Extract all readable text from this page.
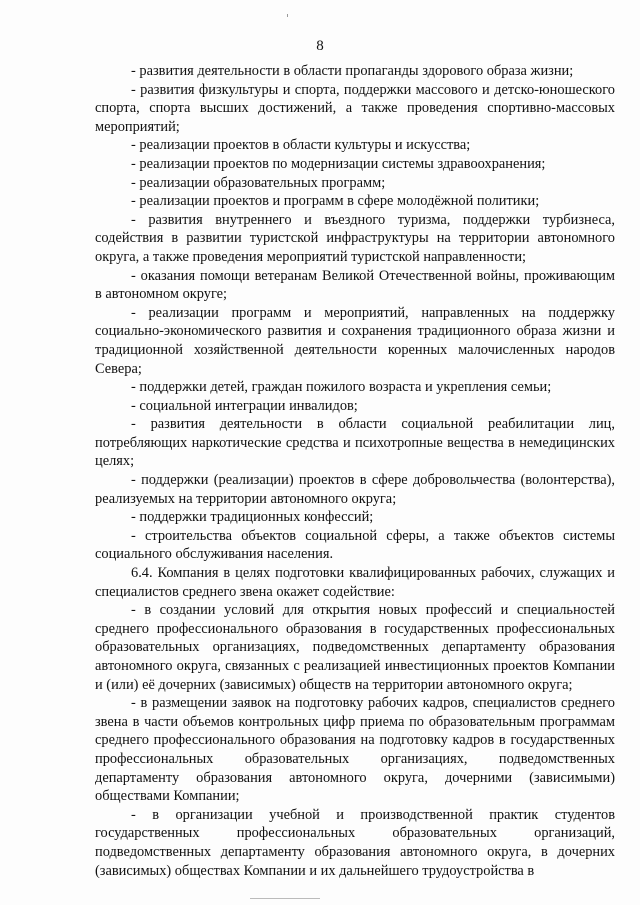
8

- развития деятельности в области пропаганды здорового образа жизни;

- развития физкультуры и спорта, поддержки массового и детско-юношеского спорта, спорта высших достижений, а также проведения спортивно-массовых мероприятий;

- реализации проектов в области культуры и искусства;

- реализации проектов по модернизации системы здравоохранения;

- реализации образовательных программ;

- реализации проектов и программ в сфере молодёжной политики;

- развития внутреннего и въездного туризма, поддержки турбизнеса, содействия в развитии туристской инфраструктуры на территории автономного округа, а также проведения мероприятий туристской направленности;

- оказания помощи ветеранам Великой Отечественной войны, проживающим в автономном округе;

- реализации программ и мероприятий, направленных на поддержку социально-экономического развития и сохранения традиционного образа жизни и традиционной хозяйственной деятельности коренных малочисленных народов Севера;

- поддержки детей, граждан пожилого возраста и укрепления семьи;

- социальной интеграции инвалидов;

- развития деятельности в области социальной реабилитации лиц, потребляющих наркотические средства и психотропные вещества в немедицинских целях;

- поддержки (реализации) проектов в сфере добровольчества (волонтерства), реализуемых на территории автономного округа;

- поддержки традиционных конфессий;

- строительства объектов социальной сферы, а также объектов системы социального обслуживания населения.

6.4. Компания в целях подготовки квалифицированных рабочих, служащих и специалистов среднего звена окажет содействие:

- в создании условий для открытия новых профессий и специальностей среднего профессионального образования в государственных профессиональных образовательных организациях, подведомственных департаменту образования автономного округа, связанных с реализацией инвестиционных проектов Компании и (или) её дочерних (зависимых) обществ на территории автономного округа;

- в размещении заявок на подготовку рабочих кадров, специалистов среднего звена в части объемов контрольных цифр приема по образовательным программам среднего профессионального образования на подготовку кадров в государственных профессиональных образовательных организациях, подведомственных департаменту образования автономного округа, дочерними (зависимыми) обществами Компании;

- в организации учебной и производственной практик студентов государственных профессиональных образовательных организаций, подведомственных департаменту образования автономного округа, в дочерних (зависимых) обществах Компании и их дальнейшего трудоустройства в
